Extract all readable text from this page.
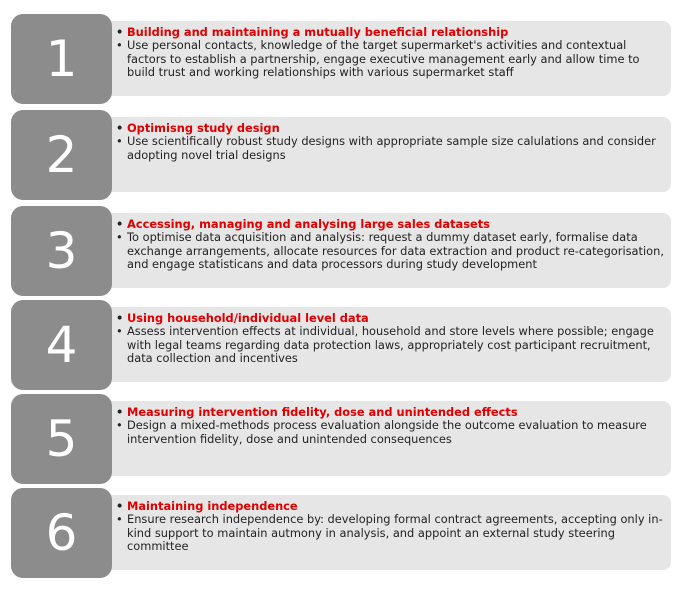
1	• Building and maintaining a mutually beneficial relationship
• Use personal contacts, knowledge of the target supermarket's activities and contextual factors to establish a partnership, engage executive management early and allow time to build trust and working relationships with various supermarket staff
2	• Optimisng study design
• Use scientifically robust study designs with appropriate sample size calulations and consider adopting novel trial designs
3	• Accessing, managing and analysing large sales datasets
• To optimise data acquisition and analysis: request a dummy dataset early, formalise data exchange arrangements, allocate resources for data extraction and product re-categorisation, and engage statisticans and data processors during study development
4	• Using household/individual level data
• Assess intervention effects at individual, household and store levels where possible; engage with legal teams regarding data protection laws, appropriately cost participant recruitment, data collection and incentives
5	• Measuring intervention fidelity, dose and unintended effects
• Design a mixed-methods process evaluation alongside the outcome evaluation to measure intervention fidelity, dose and unintended consequences
6	• Maintaining independence
• Ensure research independence by: developing formal contract agreements, accepting only in-kind support to maintain autmony in analysis, and appoint an external study steering committee
